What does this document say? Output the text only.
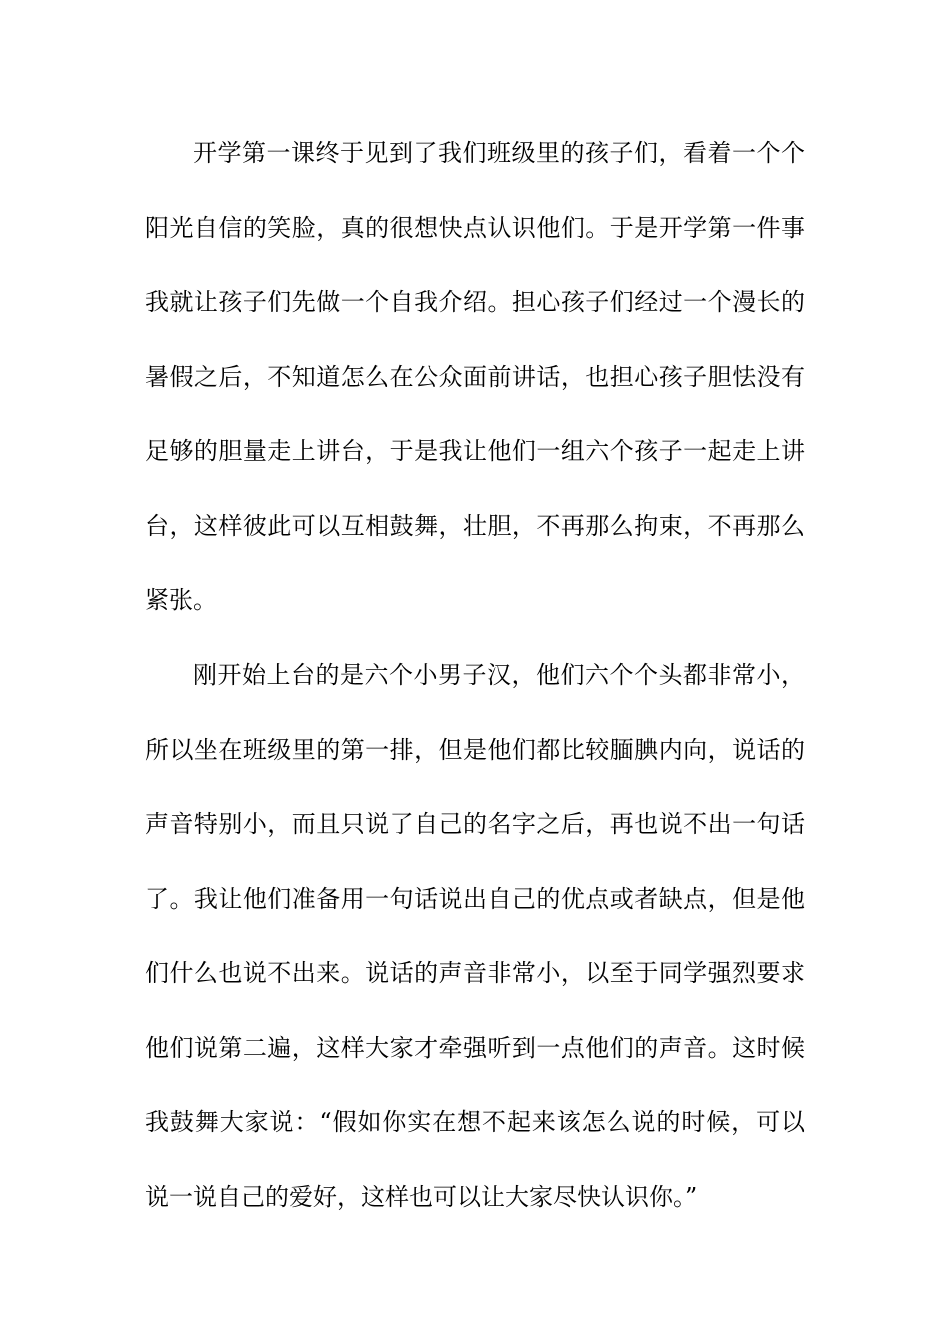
开学第一课终于见到了我们班级里的孩子们，看着一个个阳光自信的笑脸，真的很想快点认识他们。于是开学第一件事我就让孩子们先做一个自我介绍。担心孩子们经过一个漫长的暑假之后，不知道怎么在公众面前讲话，也担心孩子胆怯没有足够的胆量走上讲台，于是我让他们一组六个孩子一起走上讲台，这样彼此可以互相鼓舞，壮胆，不再那么拘束，不再那么紧张。

刚开始上台的是六个小男子汉，他们六个个头都非常小，所以坐在班级里的第一排，但是他们都比较腼腆内向，说话的声音特别小，而且只说了自己的名字之后，再也说不出一句话了。我让他们准备用一句话说出自己的优点或者缺点，但是他们什么也说不出来。说话的声音非常小，以至于同学强烈要求他们说第二遍，这样大家才牵强听到一点他们的声音。这时候我鼓舞大家说：“假如你实在想不起来该怎么说的时候，可以说一说自己的爱好，这样也可以让大家尽快认识你。”
